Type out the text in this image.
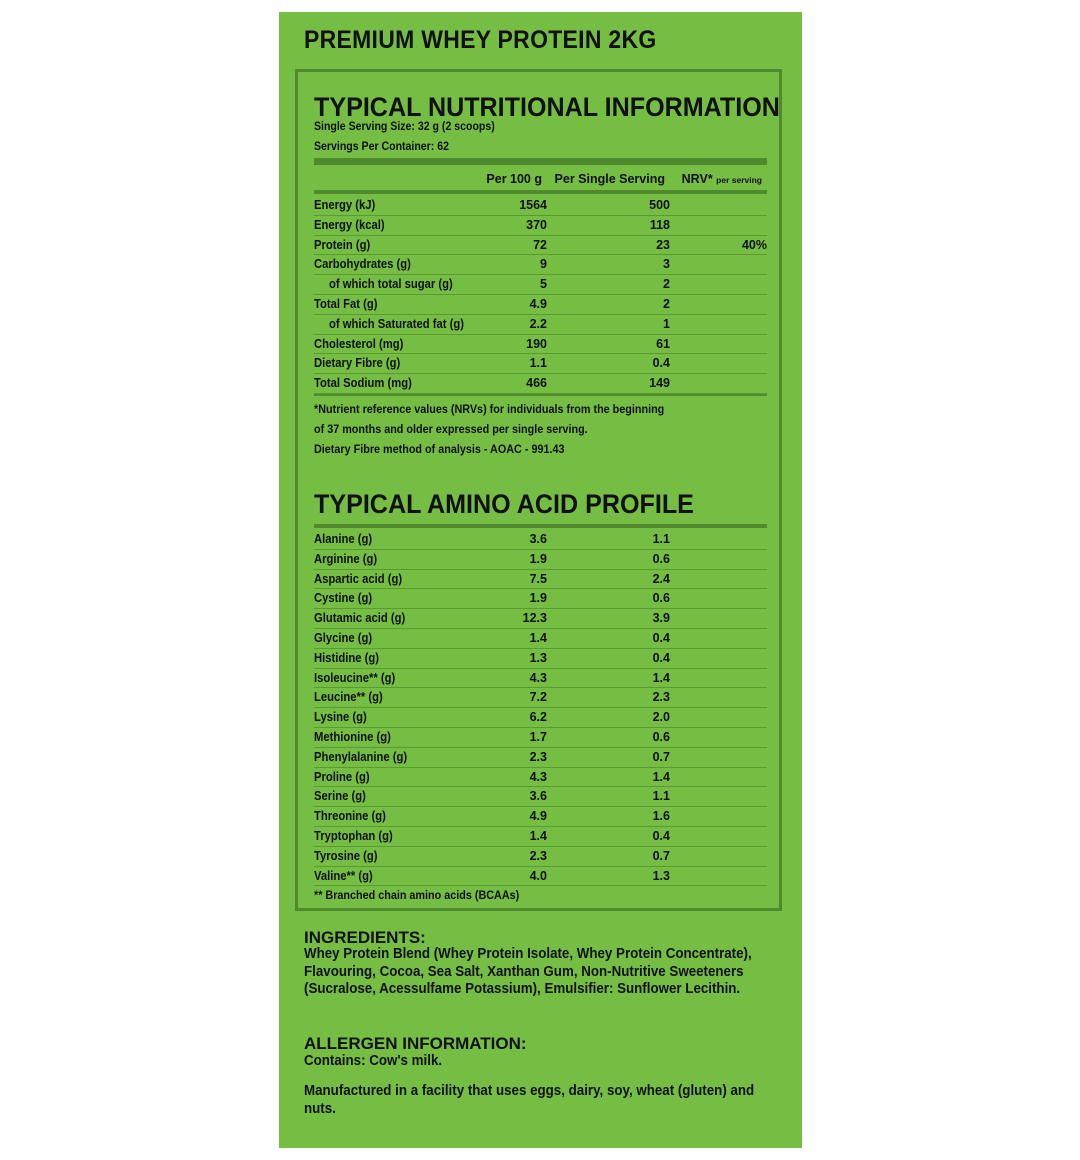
PREMIUM WHEY PROTEIN 2KG
TYPICAL NUTRITIONAL INFORMATION
Single Serving Size: 32 g (2 scoops)
Servings Per Container: 62
Per 100 g Per Single Serving NRV* per serving
Energy (kJ)	1564	500
Energy (kcal)	370	118
Protein (g)	72	23	40%
Carbohydrates (g)	9	3
of which total sugar (g)	5	2
Total Fat (g)	4.9	2
of which Saturated fat (g)	2.2	1
Cholesterol (mg)	190	61
Dietary Fibre (g)	1.1	0.4
Total Sodium (mg)	466	149
*Nutrient reference values (NRVs) for individuals from the beginning
of 37 months and older expressed per single serving.
Dietary Fibre method of analysis - AOAC - 991.43
TYPICAL AMINO ACID PROFILE
Alanine (g)	3.6	1.1
Arginine (g)	1.9	0.6
Aspartic acid (g)	7.5	2.4
Cystine (g)	1.9	0.6
Glutamic acid (g)	12.3	3.9
Glycine (g)	1.4	0.4
Histidine (g)	1.3	0.4
Isoleucine** (g)	4.3	1.4
Leucine** (g)	7.2	2.3
Lysine (g)	6.2	2.0
Methionine (g)	1.7	0.6
Phenylalanine (g)	2.3	0.7
Proline (g)	4.3	1.4
Serine (g)	3.6	1.1
Threonine (g)	4.9	1.6
Tryptophan (g)	1.4	0.4
Tyrosine (g)	2.3	0.7
Valine** (g)	4.0	1.3
** Branched chain amino acids (BCAAs)
INGREDIENTS:
Whey Protein Blend (Whey Protein Isolate, Whey Protein Concentrate), Flavouring, Cocoa, Sea Salt, Xanthan Gum, Non-Nutritive Sweeteners (Sucralose, Acessulfame Potassium), Emulsifier: Sunflower Lecithin.
ALLERGEN INFORMATION:
Contains: Cow's milk.
Manufactured in a facility that uses eggs, dairy, soy, wheat (gluten) and nuts.
